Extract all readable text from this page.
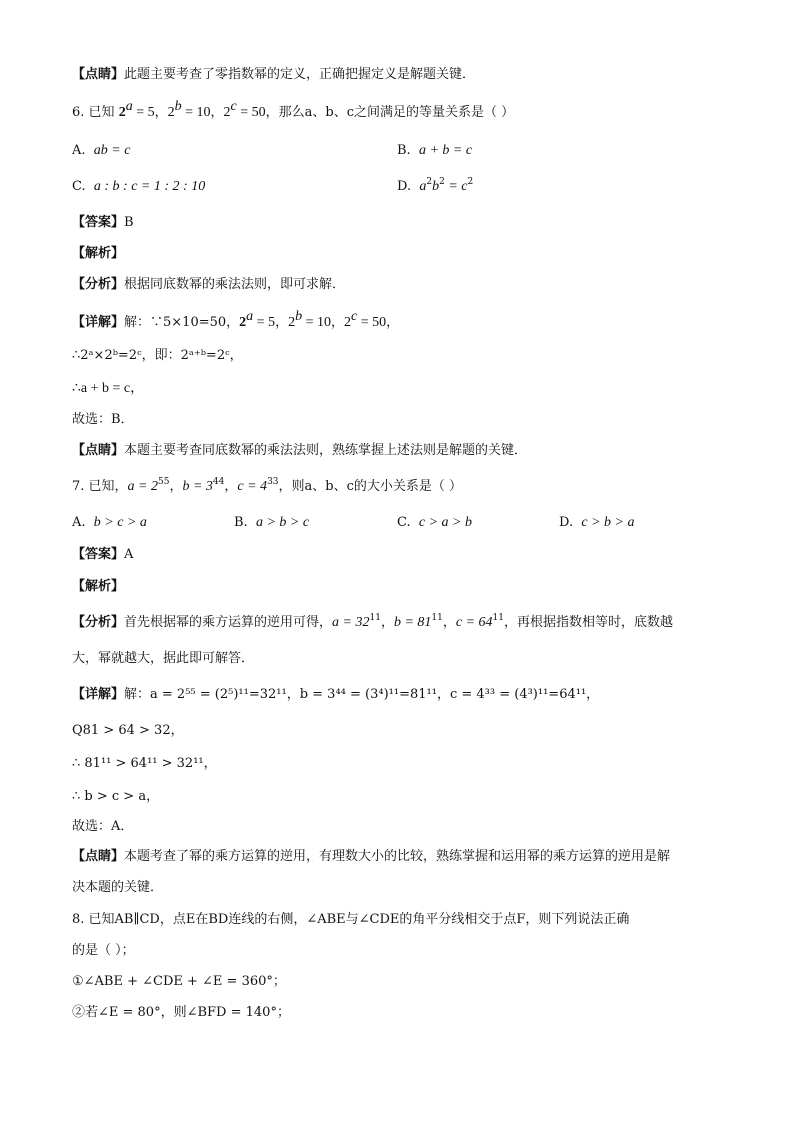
【点睛】此题主要考查了零指数幂的定义，正确把握定义是解题关键．
6. 已知 $2^a = 5$，$2^b = 10$，$2^c = 50$，那么a、b、c之间满足的等量关系是（ ）
A. ab = c	B. a + b = c
C. a : b : c = 1 : 2 : 10	D. $a^2b^2 = c^2$
【答案】B
【解析】
【分析】根据同底数幂的乘法法则，即可求解．
【详解】解：∵5×10=50，$2^a = 5$，$2^b = 10$，$2^c = 50$，
∴2ᵃ×2ᵇ=2ᶜ，即：2ᵃ⁺ᵇ=2ᶜ，
∴a + b = c，
故选：B．
【点睛】本题主要考查同底数幂的乘法法则，熟练掌握上述法则是解题的关键．
7. 已知，$a = 2^{55}$，$b = 3^{44}$，$c = 4^{33}$，则a、b、c的大小关系是（ ）
A. b > c > a	B. a > b > c	C. c > a > b	D. c > b > a
【答案】A
【解析】
【分析】首先根据幂的乘方运算的逆用可得，$a = 32^{11}$，$b = 81^{11}$，$c = 64^{11}$，再根据指数相等时，底数越
大，幂就越大，据此即可解答．
【详解】解：a = 2⁵⁵ = (2⁵)¹¹=32¹¹，b = 3⁴⁴ = (3⁴)¹¹=81¹¹，c = 4³³ = (4³)¹¹=64¹¹，
Q81 > 64 > 32，
∴ 81¹¹ > 64¹¹ > 32¹¹，
∴ b > c > a，
故选：A．
【点睛】本题考查了幂的乘方运算的逆用，有理数大小的比较，熟练掌握和运用幂的乘方运算的逆用是解
决本题的关键．
8. 已知AB∥CD，点E在BD连线的右侧，∠ABE与∠CDE的角平分线相交于点F，则下列说法正确
的是（ ）；
①∠ABE + ∠CDE + ∠E = 360°；
②若∠E = 80°，则∠BFD = 140°；
